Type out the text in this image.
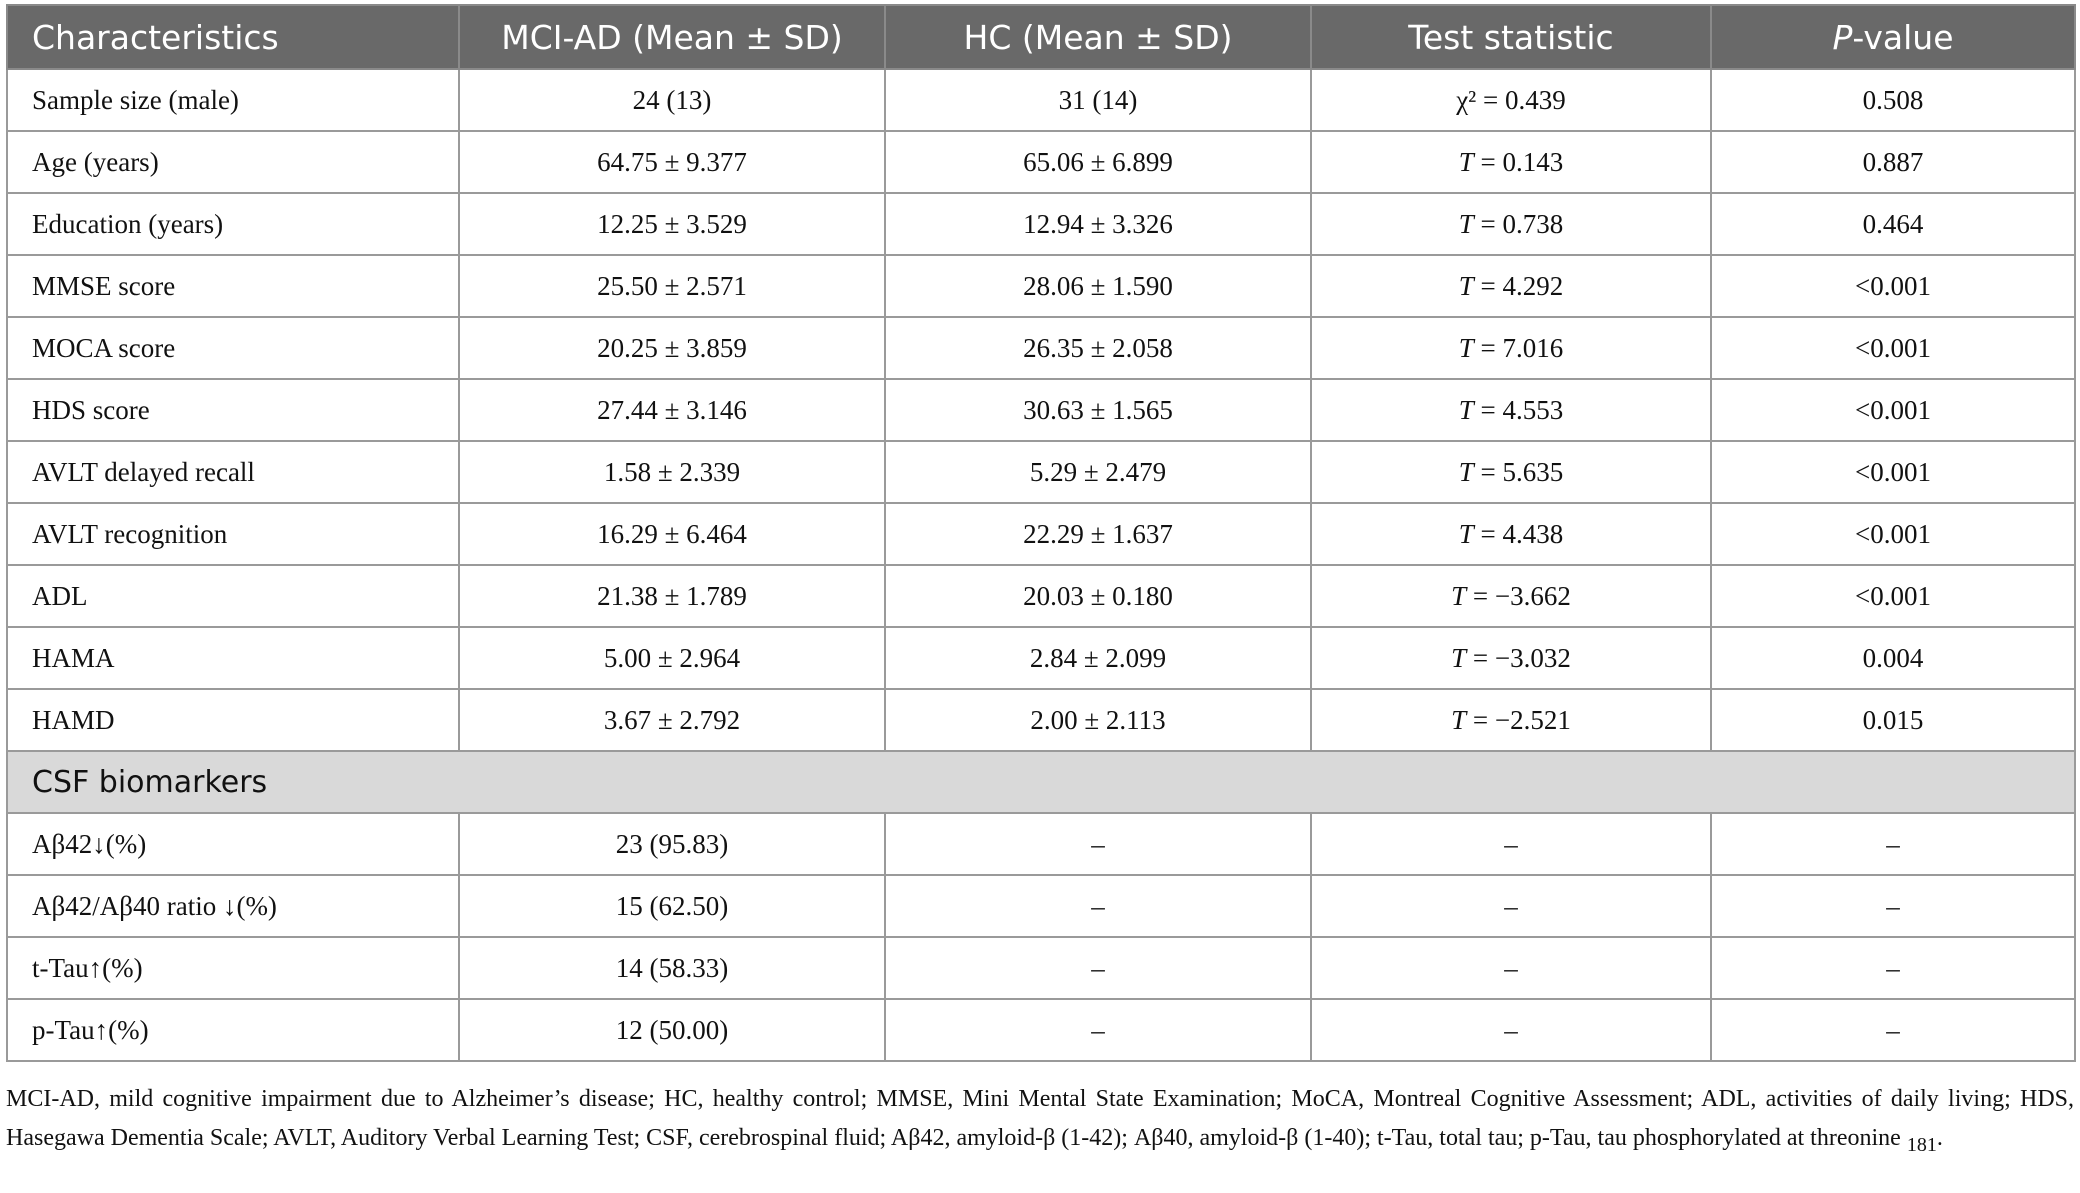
Characteristics	MCI-AD (Mean ± SD)	HC (Mean ± SD)	Test statistic	P-value
Sample size (male)	24 (13)	31 (14)	χ² = 0.439	0.508
Age (years)	64.75 ± 9.377	65.06 ± 6.899	T = 0.143	0.887
Education (years)	12.25 ± 3.529	12.94 ± 3.326	T = 0.738	0.464
MMSE score	25.50 ± 2.571	28.06 ± 1.590	T = 4.292	<0.001
MOCA score	20.25 ± 3.859	26.35 ± 2.058	T = 7.016	<0.001
HDS score	27.44 ± 3.146	30.63 ± 1.565	T = 4.553	<0.001
AVLT delayed recall	1.58 ± 2.339	5.29 ± 2.479	T = 5.635	<0.001
AVLT recognition	16.29 ± 6.464	22.29 ± 1.637	T = 4.438	<0.001
ADL	21.38 ± 1.789	20.03 ± 0.180	T = −3.662	<0.001
HAMA	5.00 ± 2.964	2.84 ± 2.099	T = −3.032	0.004
HAMD	3.67 ± 2.792	2.00 ± 2.113	T = −2.521	0.015
CSF biomarkers				
Aβ42↓(%)	23 (95.83)	–	–	–
Aβ42/Aβ40 ratio ↓(%)	15 (62.50)	–	–	–
t-Tau↑(%)	14 (58.33)	–	–	–
p-Tau↑(%)	12 (50.00)	–	–	–
MCI-AD, mild cognitive impairment due to Alzheimer’s disease; HC, healthy control; MMSE, Mini Mental State Examination; MoCA, Montreal Cognitive Assessment; ADL, activities of daily living; HDS, Hasegawa Dementia Scale; AVLT, Auditory Verbal Learning Test; CSF, cerebrospinal fluid; Aβ42, amyloid-β (1-42); Aβ40, amyloid-β (1-40); t-Tau, total tau; p-Tau, tau phosphorylated at threonine $_{181}$.
